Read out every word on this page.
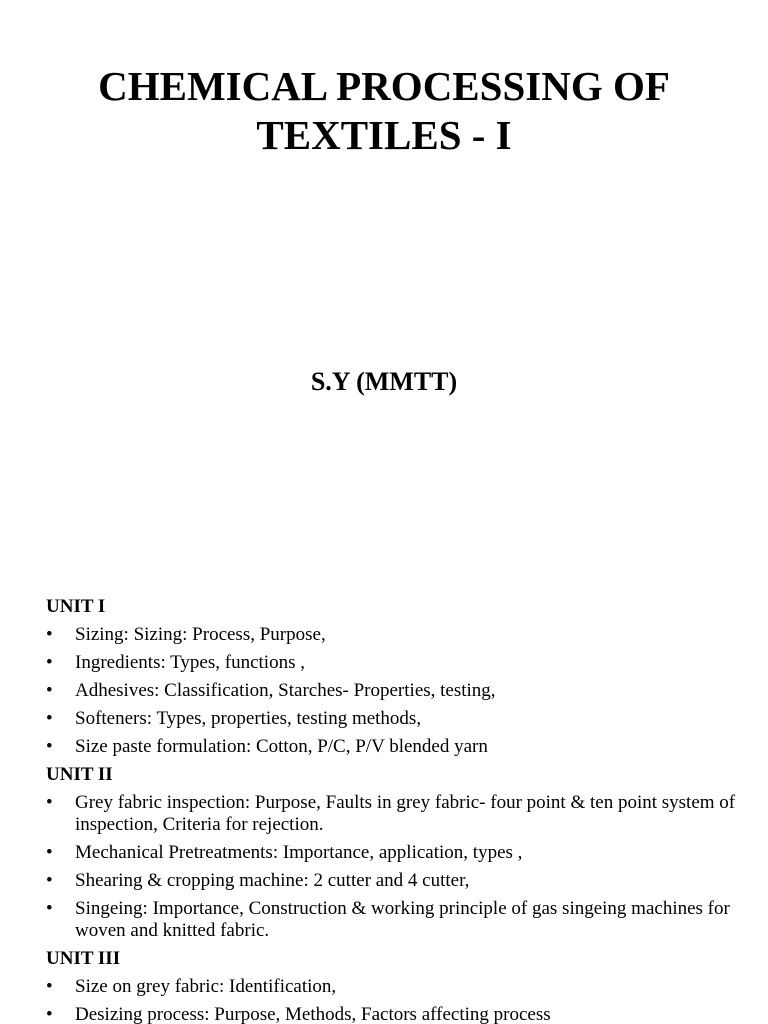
CHEMICAL PROCESSING OF
TEXTILES - I
S.Y (MMTT)
UNIT I
• Sizing: Sizing: Process, Purpose,
• Ingredients: Types, functions ,
• Adhesives: Classification, Starches- Properties, testing,
• Softeners: Types, properties, testing methods,
• Size paste formulation: Cotton, P/C, P/V blended yarn
UNIT II
• Grey fabric inspection: Purpose, Faults in grey fabric- four point & ten point system of inspection, Criteria for rejection.
• Mechanical Pretreatments: Importance, application, types ,
• Shearing & cropping machine: 2 cutter and 4 cutter,
• Singeing: Importance, Construction & working principle of gas singeing machines for woven and knitted fabric.
UNIT III
• Size on grey fabric: Identification,
• Desizing process: Purpose, Methods, Factors affecting process
